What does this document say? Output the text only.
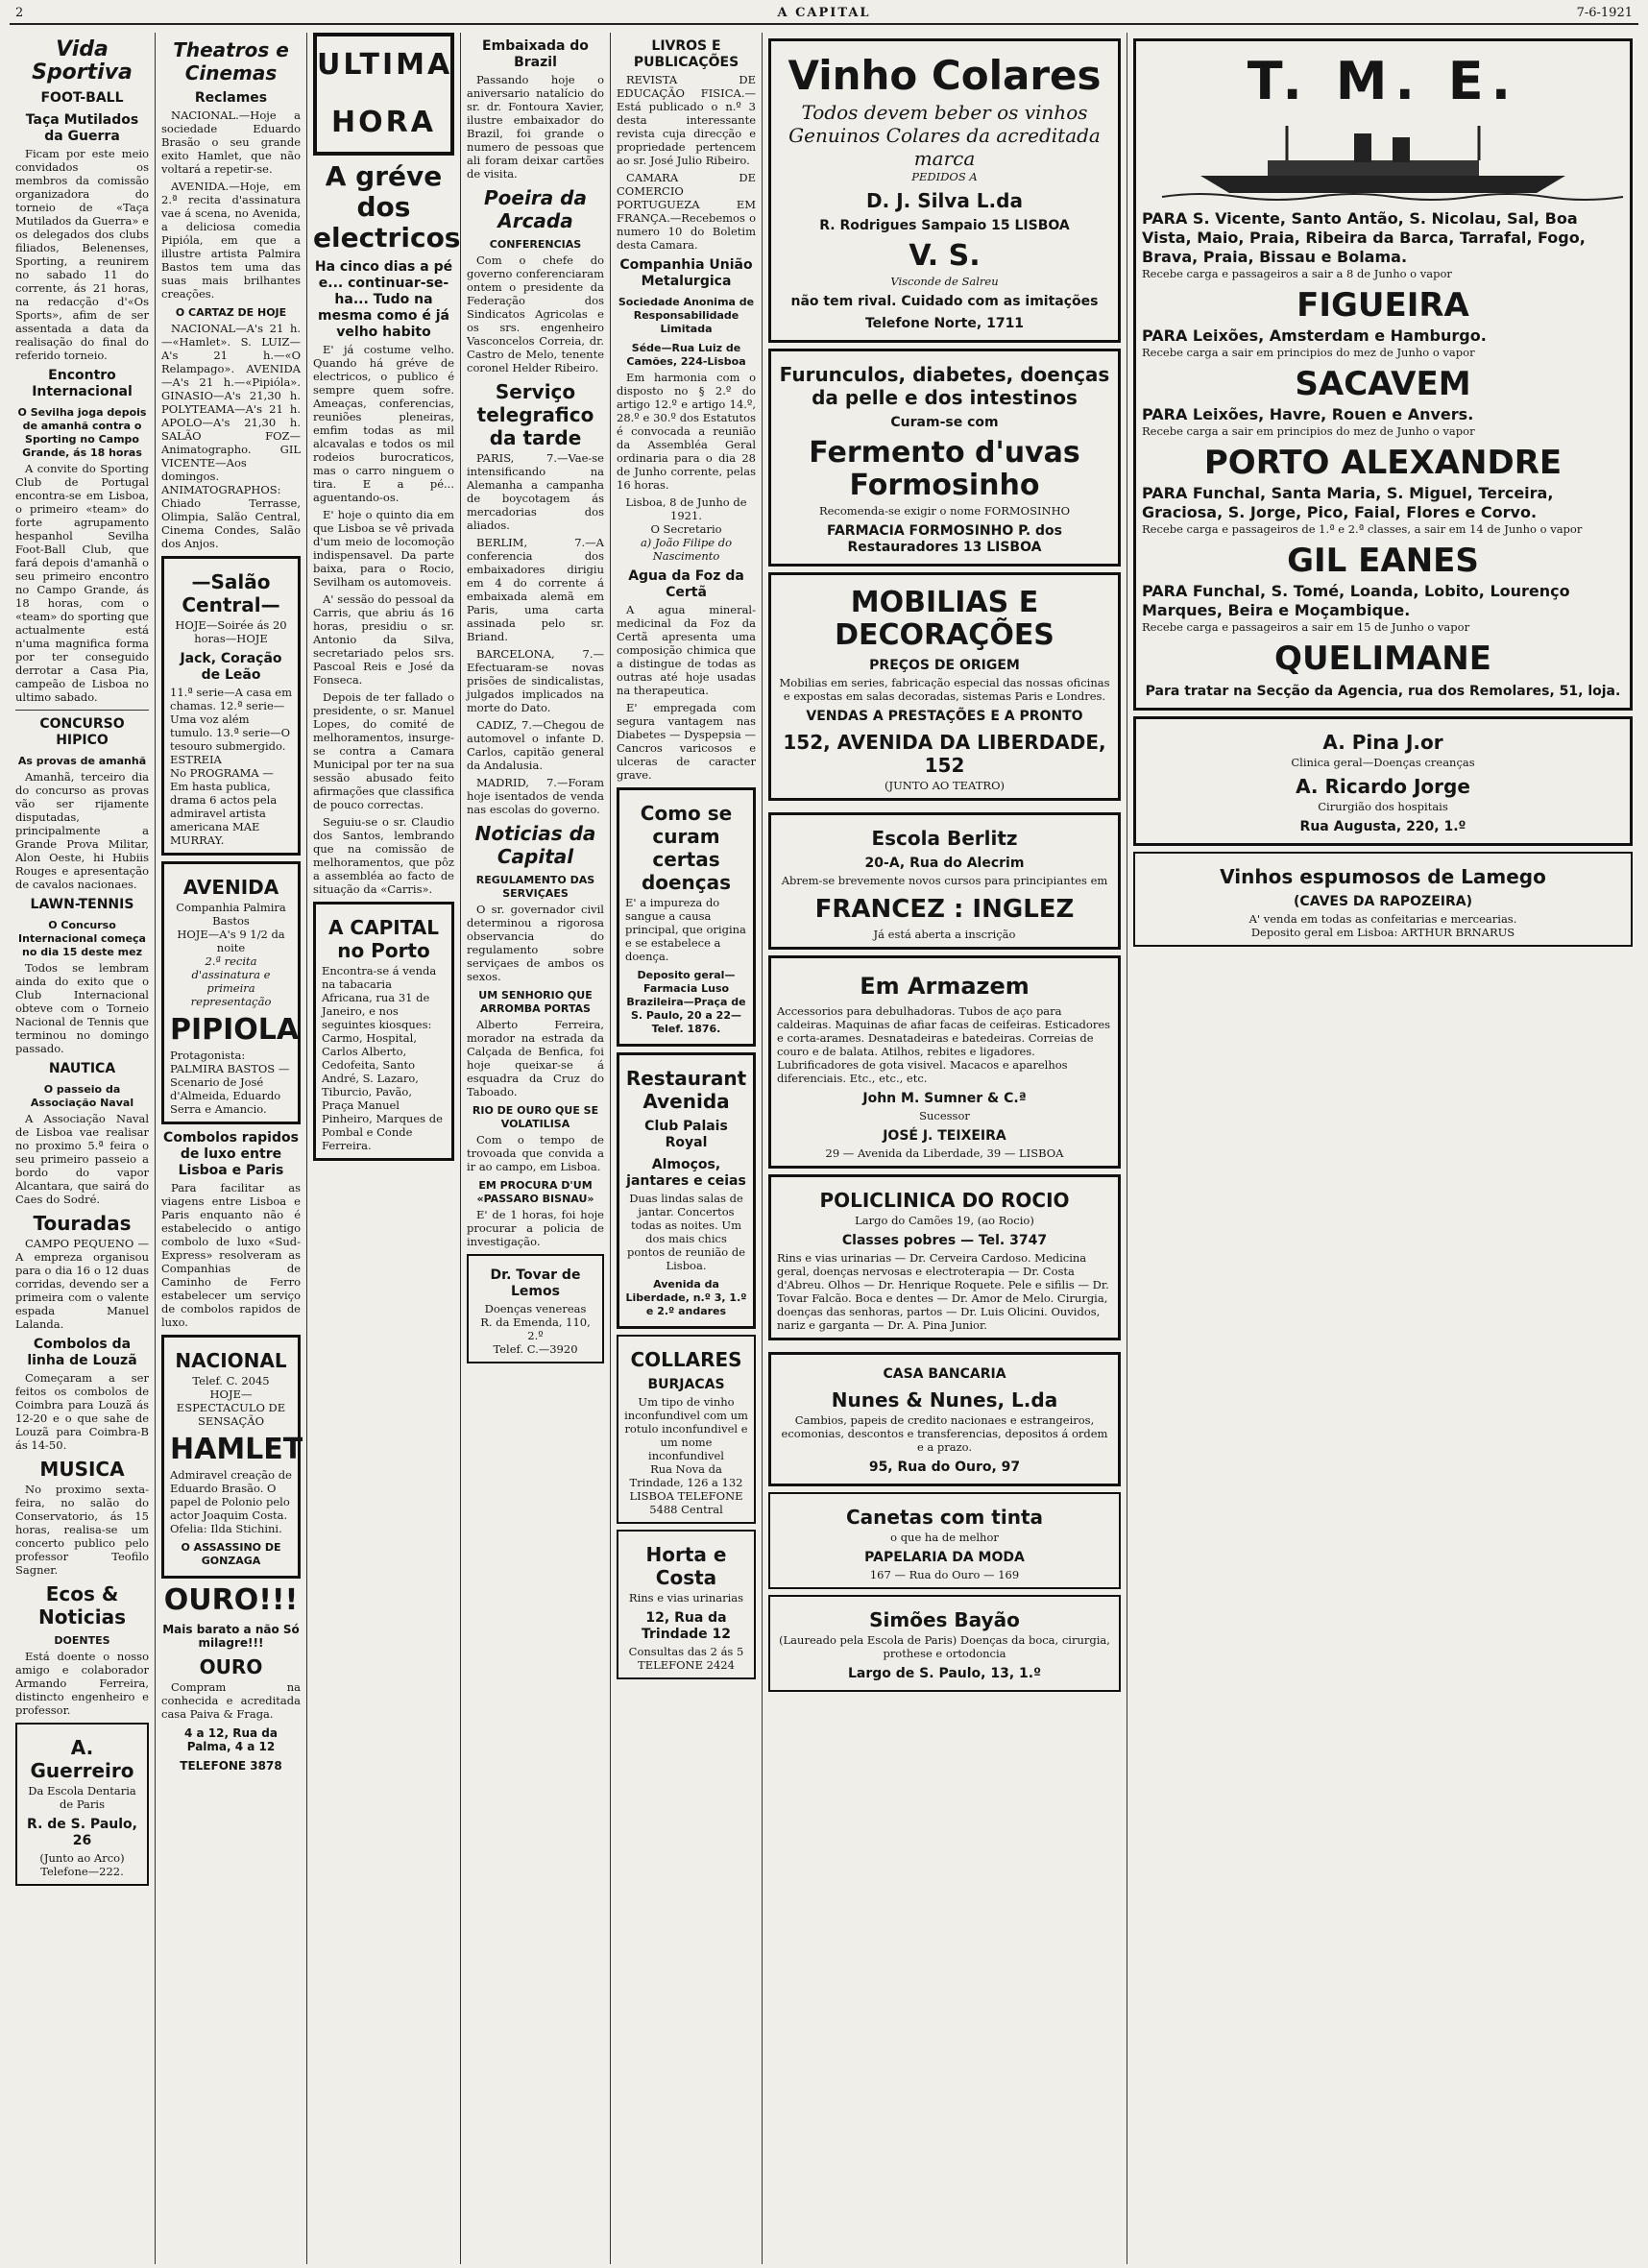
2	A CAPITAL	7-6-1921
Vida Sportiva
FOOT-BALL
Taça Mutilados da Guerra

Ficam por este meio convidados os membros da comissão organizadora do torneio de «Taça Mutilados da Guerra» e os delegados dos clubs filiados, Belenenses, Sporting, a reunirem no sabado 11 do corrente, ás 21 horas, na redacção d'«Os Sports», afim de ser assentada a data da realisação do final do referido torneio.

Encontro Internacional
O Sevilha joga depois de amanhã contra o Sporting no Campo Grande, ás 18 horas

A convite do Sporting Club de Portugal encontra-se em Lisboa, o primeiro «team» do forte agrupamento hespanhol Sevilha Foot-Ball Club, que fará depois d'amanhã o seu primeiro encontro no Campo Grande, ás 18 horas, com o «team» do sporting que actualmente está n'uma magnifica forma por ter conseguido derrotar a Casa Pia, campeão de Lisboa no ultimo sabado.

CONCURSO HIPICO
As provas de amanhã

Amanhã, terceiro dia do concurso as provas vão ser rijamente disputadas, principalmente a Grande Prova Militar, Alon Oeste, hi Hubiis Rouges e apresentação de cavalos nacionaes.

LAWN-TENNIS
O Concurso Internacional começa no dia 15 deste mez

Todos se lembram ainda do exito que o Club Internacional obteve com o Torneio Nacional de Tennis que terminou no domingo passado.

NAUTICA
O passeio da Associação Naval

A Associação Naval de Lisboa vae realisar no proximo 5.ª feira o seu primeiro passeio a bordo do vapor Alcantara, que sairá do Caes do Sodré.

Touradas

CAMPO PEQUENO — A empreza organisou para o dia 16 o 12 duas corridas, devendo ser a primeira com o valente espada Manuel Lalanda.

Combolos da linha de Louzã

Começaram a ser feitos os combolos de Coimbra para Louzã ás 12-20 e o que sahe de Louzã para Coimbra-B ás 14-50.

MUSICA

No proximo sexta-feira, no salão do Conservatorio, ás 15 horas, realisa-se um concerto publico pelo professor Teofilo Sagner.

Ecos & Noticias
DOENTES

Está doente o nosso amigo e colaborador Armando Ferreira, distincto engenheiro e professor.

A. Guerreiro
Da Escola Dentaria de Paris
R. de S. Paulo, 26
(Junto ao Arco) Telefone—222.
Theatros e Cinemas
Reclames

NACIONAL.—Hoje a sociedade Eduardo Brasão o seu grande exito Hamlet, que não voltará a repetir-se.

AVENIDA.—Hoje, em 2.ª recita d'assinatura vae á scena, no Avenida, a deliciosa comedia Pipióla, em que a illustre artista Palmira Bastos tem uma das suas mais brilhantes creações.

O CARTAZ DE HOJE

NACIONAL—A's 21 h.—«Hamlet». S. LUIZ—A's 21 h.—«O Relampago». AVENIDA—A's 21 h.—«Pipióla». GINASIO—A's 21,30 h. POLYTEAMA—A's 21 h. APOLO—A's 21,30 h. SALÃO FOZ—Animatographo. GIL VICENTE—Aos domingos. ANIMATOGRAPHOS: Chiado Terrasse, Olimpia, Salão Central, Cinema Condes, Salão dos Anjos.

—Salão Central—
HOJE—Soirée ás 20 horas—HOJE
Jack, Coração de Leão
11.ª serie—A casa em chamas. 12.ª serie—Uma voz além tumulo. 13.ª serie—O tesouro submergido. ESTREIA
No PROGRAMA — Em hasta publica, drama 6 actos pela admiravel artista americana MAE MURRAY.
AVENIDA
Companhia Palmira Bastos
HOJE—A's 9 1/2 da noite
2.ª recita d'assinatura e primeira representação
PIPIOLA
Protagonista: PALMIRA BASTOS — Scenario de José d'Almeida, Eduardo Serra e Amancio.
Combolos rapidos de luxo entre Lisboa e Paris

Para facilitar as viagens entre Lisboa e Paris enquanto não é estabelecido o antigo combolo de luxo «Sud-Express» resolveram as Companhias de Caminho de Ferro estabelecer um serviço de combolos rapidos de luxo.

NACIONAL
Telef. C. 2045
HOJE—ESPECTACULO DE SENSAÇÃO
HAMLET
Admiravel creação de Eduardo Brasão. O papel de Polonio pelo actor Joaquim Costa. Ofelia: Ilda Stichini.
O ASSASSINO DE GONZAGA
OURO!!!
Mais barato a não Só milagre!!!
OURO

Compram na conhecida e acreditada casa Paiva & Fraga.

4 a 12, Rua da Palma, 4 a 12
TELEFONE 3878
ULTIMA HORA
A gréve dos electricos
Ha cinco dias a pé e... continuar-se-ha... Tudo na mesma como é já velho habito

E' já costume velho. Quando há gréve de electricos, o publico é sempre quem sofre. Ameaças, conferencias, reuniões pleneiras, emfim todas as mil alcavalas e todos os mil rodeios burocraticos, mas o carro ninguem o tira. E a pé... aguentando-os.

E' hoje o quinto dia em que Lisboa se vê privada d'um meio de locomoção indispensavel. Da parte baixa, para o Rocio, Sevilham os automoveis.

A' sessão do pessoal da Carris, que abriu ás 16 horas, presidiu o sr. Antonio da Silva, secretariado pelos srs. Pascoal Reis e José da Fonseca.

Depois de ter fallado o presidente, o sr. Manuel Lopes, do comité de melhoramentos, insurge-se contra a Camara Municipal por ter na sua sessão abusado feito afirmações que classifica de pouco correctas.

Seguiu-se o sr. Claudio dos Santos, lembrando que na comissão de melhoramentos, que pôz a assembléa ao facto de situação da «Carris».

A CAPITAL no Porto
Encontra-se á venda na tabacaria Africana, rua 31 de Janeiro, e nos seguintes kiosques: Carmo, Hospital, Carlos Alberto, Cedofeita, Santo André, S. Lazaro, Tiburcio, Pavão, Praça Manuel Pinheiro, Marques de Pombal e Conde Ferreira.
Embaixada do Brazil

Passando hoje o aniversario natalício do sr. dr. Fontoura Xavier, ilustre embaixador do Brazil, foi grande o numero de pessoas que ali foram deixar cartões de visita.

Poeira da Arcada
CONFERENCIAS

Com o chefe do governo conferenciaram ontem o presidente da Federação dos Sindicatos Agricolas e os srs. engenheiro Vasconcelos Correia, dr. Castro de Melo, tenente coronel Helder Ribeiro.

Serviço telegrafico da tarde

PARIS, 7.—Vae-se intensificando na Alemanha a campanha de boycotagem ás mercadorias dos aliados.

BERLIM, 7.—A conferencia dos embaixadores dirigiu em 4 do corrente á embaixada alemã em Paris, uma carta assinada pelo sr. Briand.

BARCELONA, 7.—Efectuaram-se novas prisões de sindicalistas, julgados implicados na morte do Dato.

CADIZ, 7.—Chegou de automovel o infante D. Carlos, capitão general da Andalusia.

MADRID, 7.—Foram hoje isentados de venda nas escolas do governo.

Noticias da Capital
REGULAMENTO DAS SERVIÇAES

O sr. governador civil determinou a rigorosa observancia do regulamento sobre serviçaes de ambos os sexos.

UM SENHORIO QUE ARROMBA PORTAS

Alberto Ferreira, morador na estrada da Calçada de Benfica, foi hoje queixar-se á esquadra da Cruz do Taboado.

RIO DE OURO QUE SE VOLATILISA

Com o tempo de trovoada que convida a ir ao campo, em Lisboa.

EM PROCURA D'UM «PASSARO BISNAU»

E' de 1 horas, foi hoje procurar a policia de investigação.

Dr. Tovar de Lemos
Doenças venereas
R. da Emenda, 110, 2.º
Telef. C.—3920
LIVROS E PUBLICAÇÕES

REVISTA DE EDUCAÇÃO FISICA.— Está publicado o n.º 3 desta interessante revista cuja direcção e propriedade pertencem ao sr. José Julio Ribeiro.

CAMARA DE COMERCIO PORTUGUEZA EM FRANÇA.—Recebemos o numero 10 do Boletim desta Camara.

Companhia União Metalurgica
Sociedade Anonima de Responsabilidade Limitada
Séde—Rua Luiz de Camões, 224-Lisboa

Em harmonia com o disposto no § 2.º do artigo 12.º e artigo 14.º, 28.º e 30.º dos Estatutos é convocada a reunião da Assembléa Geral ordinaria para o dia 28 de Junho corrente, pelas 16 horas.

Lisboa, 8 de Junho de 1921.
O Secretario
a) João Filipe do Nascimento
Agua da Foz da Certã

A agua mineral-medicinal da Foz da Certã apresenta uma composição chimica que a distingue de todas as outras até hoje usadas na therapeutica.

E' empregada com segura vantagem nas Diabetes — Dyspepsia — Cancros varicosos e ulceras de caracter grave.

Como se curam certas doenças
E' a impureza do sangue a causa principal, que origina e se estabelece a doença.
Deposito geral—Farmacia Luso Brazileira—Praça de S. Paulo, 20 a 22—Telef. 1876.
Restaurant Avenida
Club Palais Royal
Almoços, jantares e ceias
Duas lindas salas de jantar. Concertos todas as noites. Um dos mais chics pontos de reunião de Lisboa.
Avenida da Liberdade, n.º 3, 1.º e 2.º andares
COLLARES
BURJACAS
Um tipo de vinho inconfundivel com um rotulo inconfundivel e um nome inconfundivel
Rua Nova da Trindade, 126 a 132 LISBOA TELEFONE 5488 Central
Horta e Costa
Rins e vias urinarias
12, Rua da Trindade 12
Consultas das 2 ás 5
TELEFONE 2424
Vinho Colares
Todos devem beber os vinhos Genuinos Colares da acreditada marca
PEDIDOS A
D. J. Silva L.da
R. Rodrigues Sampaio 15 LISBOA
V. S.
Visconde de Salreu
não tem rival. Cuidado com as imitações
Telefone Norte, 1711
Furunculos, diabetes, doenças da pelle e dos intestinos
Curam-se com
Fermento d'uvas Formosinho
Recomenda-se exigir o nome FORMOSINHO
FARMACIA FORMOSINHO P. dos Restauradores 13 LISBOA
MOBILIAS E DECORAÇÕES
PREÇOS DE ORIGEM
Mobilias em series, fabricação especial das nossas oficinas e expostas em salas decoradas, sistemas Paris e Londres.
VENDAS A PRESTAÇÕES E A PRONTO
152, AVENIDA DA LIBERDADE, 152
(JUNTO AO TEATRO)
Escola Berlitz
20-A, Rua do Alecrim
Abrem-se brevemente novos cursos para principiantes em
FRANCEZ : INGLEZ
Já está aberta a inscrição
Em Armazem
Accessorios para debulhadoras. Tubos de aço para caldeiras. Maquinas de afiar facas de ceifeiras. Esticadores e corta-arames. Desnatadeiras e batedeiras. Correias de couro e de balata. Atilhos, rebites e ligadores. Lubrificadores de gota visivel. Macacos e aparelhos diferenciais. Etc., etc., etc.
John M. Sumner & C.ª
Sucessor
JOSÉ J. TEIXEIRA
29 — Avenida da Liberdade, 39 — LISBOA
POLICLINICA DO ROCIO
Largo do Camões 19, (ao Rocio)
Classes pobres — Tel. 3747
Rins e vias urinarias — Dr. Cerveira Cardoso. Medicina geral, doenças nervosas e electroterapia — Dr. Costa d'Abreu. Olhos — Dr. Henrique Roquete. Pele e sifilis — Dr. Tovar Falcão. Boca e dentes — Dr. Amor de Melo. Cirurgia, doenças das senhoras, partos — Dr. Luis Olicini. Ouvidos, nariz e garganta — Dr. A. Pina Junior.
CASA BANCARIA
Nunes & Nunes, L.da
Cambios, papeis de credito nacionaes e estrangeiros, ecomonias, descontos e transferencias, depositos á ordem e a prazo.
95, Rua do Ouro, 97
Canetas com tinta
o que ha de melhor
PAPELARIA DA MODA
167 — Rua do Ouro — 169
Simões Bayão
(Laureado pela Escola de Paris) Doenças da boca, cirurgia, prothese e ortodoncia
Largo de S. Paulo, 13, 1.º
T. M. E.
PARA S. Vicente, Santo Antão, S. Nicolau, Sal, Boa Vista, Maio, Praia, Ribeira da Barca, Tarrafal, Fogo, Brava, Praia, Bissau e Bolama.
Recebe carga e passageiros a sair a 8 de Junho o vapor
FIGUEIRA
PARA Leixões, Amsterdam e Hamburgo.
Recebe carga a sair em principios do mez de Junho o vapor
SACAVEM
PARA Leixões, Havre, Rouen e Anvers.
Recebe carga a sair em principios do mez de Junho o vapor
PORTO ALEXANDRE
PARA Funchal, Santa Maria, S. Miguel, Terceira, Graciosa, S. Jorge, Pico, Faial, Flores e Corvo.
Recebe carga e passageiros de 1.ª e 2.ª classes, a sair em 14 de Junho o vapor
GIL EANES
PARA Funchal, S. Tomé, Loanda, Lobito, Lourenço Marques, Beira e Moçambique.
Recebe carga e passageiros a sair em 15 de Junho o vapor
QUELIMANE
Para tratar na Secção da Agencia, rua dos Remolares, 51, loja.
A. Pina J.or
Clinica geral—Doenças creanças
A. Ricardo Jorge
Cirurgião dos hospitais
Rua Augusta, 220, 1.º
Vinhos espumosos de Lamego
(CAVES DA RAPOZEIRA)
A' venda em todas as confeitarias e mercearias.
Deposito geral em Lisboa: ARTHUR BRNARUS
